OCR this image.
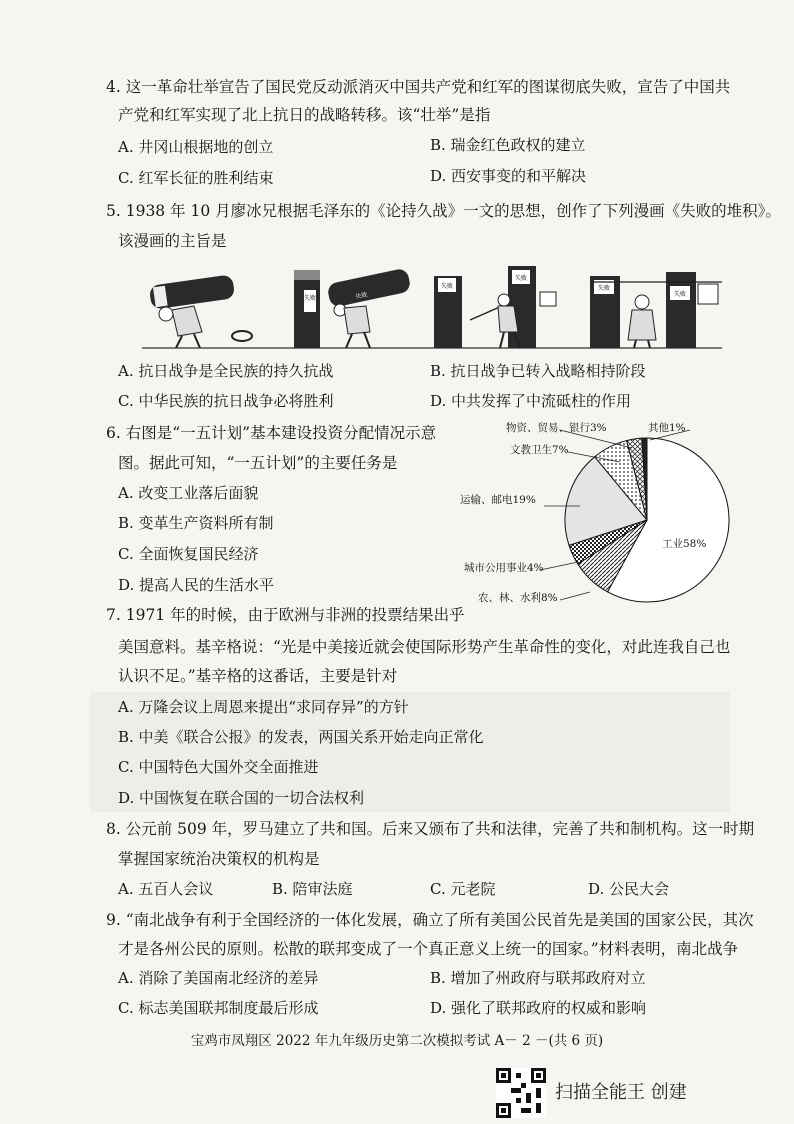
4. 这一革命壮举宣告了国民党反动派消灭中国共产党和红军的图谋彻底失败，宣告了中国共
产党和红军实现了北上抗日的战略转移。该“壮举”是指
A. 井冈山根据地的创立	B. 瑞金红色政权的建立
C. 红军长征的胜利结束	D. 西安事变的和平解决
5. 1938 年 10 月廖冰兄根据毛泽东的《论持久战》一文的思想，创作了下列漫画《失败的堆积》。
该漫画的主旨是
失败	失败
失败
失败
失败
失败
A. 抗日战争是全民族的持久抗战	B. 抗日战争已转入战略相持阶段
C. 中华民族的抗日战争必将胜利	D. 中共发挥了中流砥柱的作用
6. 右图是“一五计划”基本建设投资分配情况示意
图。据此可知，“一五计划”的主要任务是
A. 改变工业落后面貌
B. 变革生产资料所有制
C. 全面恢复国民经济
D. 提高人民的生活水平
物资、贸易、银行3%	其他1%
文教卫生7%
运输、邮电19%
工业58%
城市公用事业4%
农、林、水利8%
7. 1971 年的时候，由于欧洲与非洲的投票结果出乎
美国意料。基辛格说：“光是中美接近就会使国际形势产生革命性的变化，对此连我自己也
认识不足。”基辛格的这番话，主要是针对
A. 万隆会议上周恩来提出“求同存异”的方针
B. 中美《联合公报》的发表，两国关系开始走向正常化
C. 中国特色大国外交全面推进
D. 中国恢复在联合国的一切合法权利
8. 公元前 509 年，罗马建立了共和国。后来又颁布了共和法律，完善了共和制机构。这一时期
掌握国家统治决策权的机构是
A. 五百人会议	B. 陪审法庭	C. 元老院	D. 公民大会
9. “南北战争有利于全国经济的一体化发展，确立了所有美国公民首先是美国的国家公民，其次
才是各州公民的原则。松散的联邦变成了一个真正意义上统一的国家。”材料表明，南北战争
A. 消除了美国南北经济的差异	B. 增加了州政府与联邦政府对立
C. 标志美国联邦制度最后形成	D. 强化了联邦政府的权威和影响
宝鸡市凤翔区 2022 年九年级历史第二次模拟考试 A－ 2 －(共 6 页)
扫描全能王 创建
